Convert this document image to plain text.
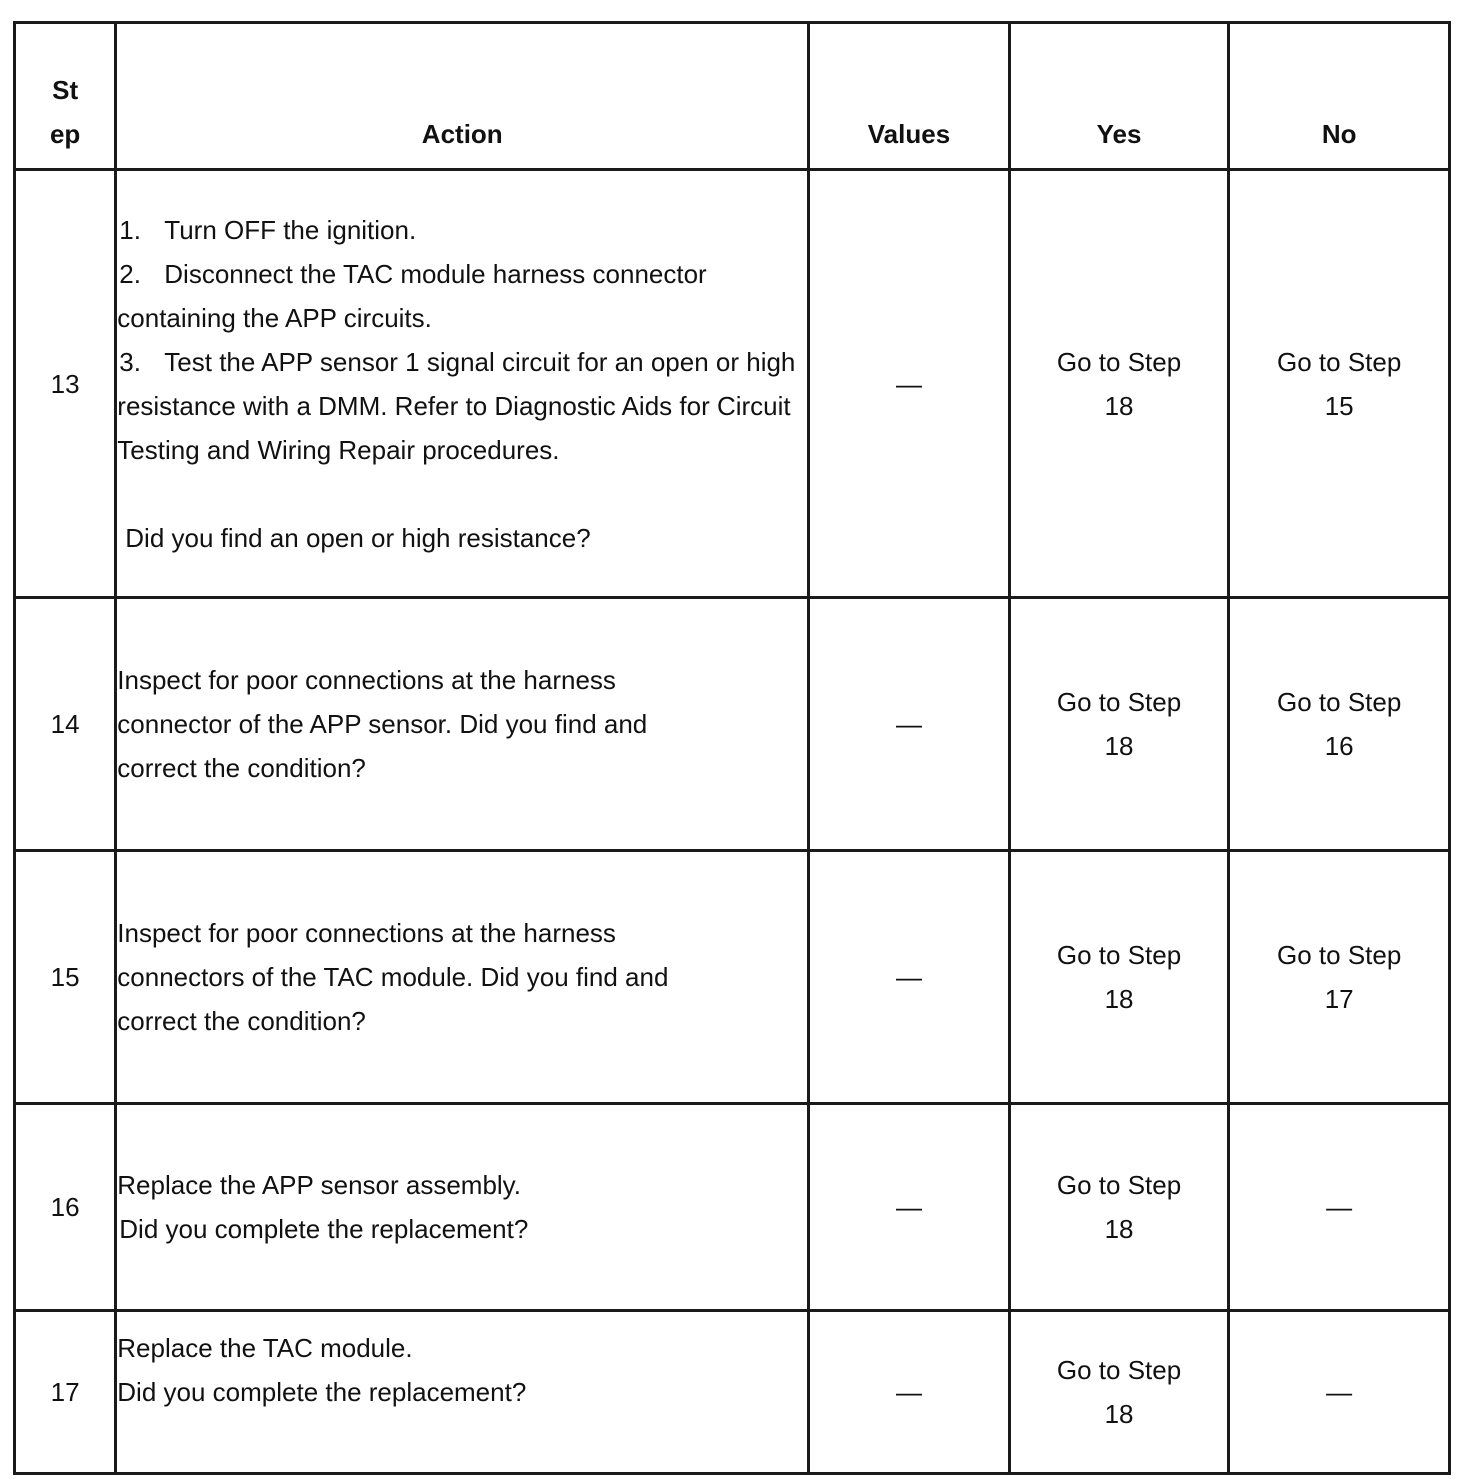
St
ep	Action	Values	Yes	No
13	1. Turn OFF the ignition.

2. Disconnect the TAC module harness connector containing the APP circuits.

3. Test the APP sensor 1 signal circuit for an open or high resistance with a DMM. Refer to Diagnostic Aids for Circuit Testing and Wiring Repair procedures.

Did you find an open or high resistance?	—	Go to Step 18	Go to Step 15

14	Inspect for poor connections at the harness connector of the APP sensor. Did you find and correct the condition?	—	Go to Step 18	Go to Step 16

15	Inspect for poor connections at the harness connectors of the TAC module. Did you find and correct the condition?	—	Go to Step 18	Go to Step 17

16	Replace the APP sensor assembly.

Did you complete the replacement?	—	Go to Step 18	—

17	Replace the TAC module.

Did you complete the replacement?	—	Go to Step 18	—
